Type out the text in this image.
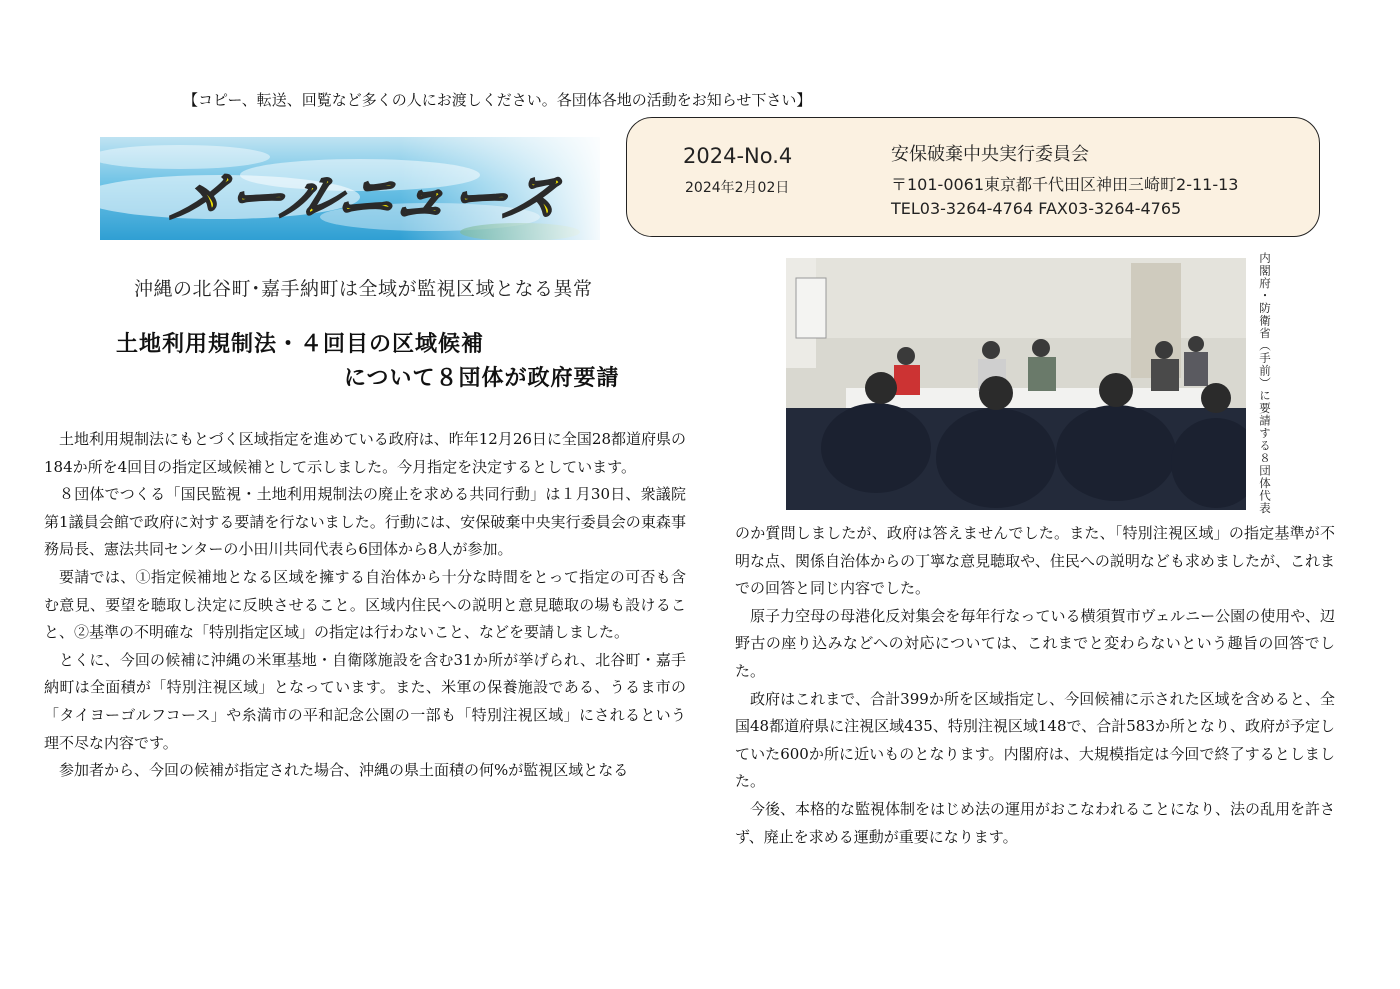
【コピー、転送、回覧など多くの人にお渡しください。各団体各地の活動をお知らせ下さい】
メールニュース
2024-No.4
2024年2月02日
安保破棄中央実行委員会
〒101-0061東京都千代田区神田三崎町2-11-13
TEL03-3264-4764 FAX03-3264-4765
沖縄の北谷町･嘉手納町は全域が監視区域となる異常
土地利用規制法・４回目の区域候補
について８団体が政府要請

土地利用規制法にもとづく区域指定を進めている政府は、昨年12月26日に全国28都道府県の184か所を4回目の指定区域候補として示しました。今月指定を決定するとしています。

８団体でつくる「国民監視・土地利用規制法の廃止を求める共同行動」は１月30日、衆議院第1議員会館で政府に対する要請を行ないました。行動には、安保破棄中央実行委員会の東森事務局長、憲法共同センターの小田川共同代表ら6団体から8人が参加。

要請では、①指定候補地となる区域を擁する自治体から十分な時間をとって指定の可否も含む意見、要望を聴取し決定に反映させること。区域内住民への説明と意見聴取の場も設けること、②基準の不明確な「特別指定区域」の指定は行わないこと、などを要請しました。

とくに、今回の候補に沖縄の米軍基地・自衛隊施設を含む31か所が挙げられ、北谷町・嘉手納町は全面積が「特別注視区域」となっています。また、米軍の保養施設である、うるま市の「タイヨーゴルフコース」や糸満市の平和記念公園の一部も「特別注視区域」にされるという理不尽な内容です。

参加者から、今回の候補が指定された場合、沖縄の県土面積の何%が監視区域となる

内閣府・防衛省（手前）に要請する８団体代表

のか質問しましたが、政府は答えませんでした。また、「特別注視区域」の指定基準が不明な点、関係自治体からの丁寧な意見聴取や、住民への説明なども求めましたが、これまでの回答と同じ内容でした。

原子力空母の母港化反対集会を毎年行なっている横須賀市ヴェルニー公園の使用や、辺野古の座り込みなどへの対応については、これまでと変わらないという趣旨の回答でした。

政府はこれまで、合計399か所を区域指定し、今回候補に示された区域を含めると、全国48都道府県に注視区域435、特別注視区域148で、合計583か所となり、政府が予定していた600か所に近いものとなります。内閣府は、大規模指定は今回で終了するとしました。

今後、本格的な監視体制をはじめ法の運用がおこなわれることになり、法の乱用を許さず、廃止を求める運動が重要になります。
